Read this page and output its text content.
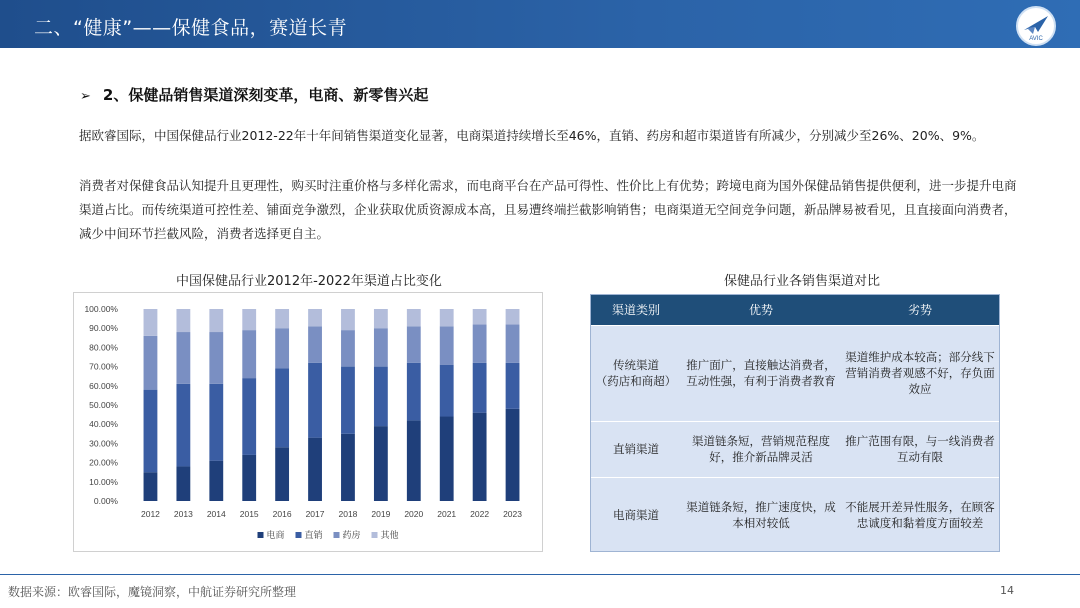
二、“健康”——保健食品，赛道长青	AVIC
➢ 2、保健品销售渠道深刻变革，电商、新零售兴起

据欧睿国际，中国保健品行业2012-22年十年间销售渠道变化显著，电商渠道持续增长至46%，直销、药房和超市渠道皆有所减少，分别减少至26%、20%、9%。

消费者对保健食品认知提升且更理性，购买时注重价格与多样化需求，而电商平台在产品可得性、性价比上有优势；跨境电商为国外保健品销售提供便利，进一步提升电商渠道占比。而传统渠道可控性差、铺面竞争激烈，企业获取优质资源成本高，且易遭终端拦截影响销售；电商渠道无空间竞争问题，新品牌易被看见，且直接面向消费者，减少中间环节拦截风险，消费者选择更自主。

中国保健品行业2012年-2022年渠道占比变化	保健品行业各销售渠道对比
0.00%
10.00%
20.00%
30.00%
40.00%
50.00%
60.00%
70.00%
80.00%
90.00%
100.00%
2012 2013 2014 2015 2016 2017 2018 2019 2020 2021 2022 2023
电商 直销 药房 其他
渠道类别	优势	劣势
传统渠道
（药店和商超）	推广面广，直接触达消费者，互动性强，有利于消费者教育	渠道维护成本较高；部分线下营销消费者观感不好，存负面效应
直销渠道	渠道链条短，营销规范程度好，推介新品牌灵活	推广范围有限，与一线消费者互动有限
电商渠道	渠道链条短，推广速度快，成本相对较低	不能展开差异性服务，在顾客忠诚度和黏着度方面较差
数据来源：欧睿国际，魔镜洞察，中航证券研究所整理	14
